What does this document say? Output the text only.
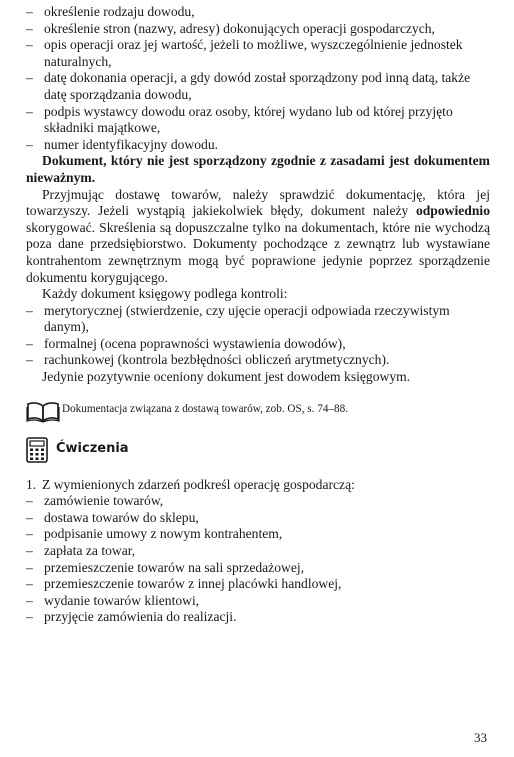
– określenie rodzaju dowodu,
– określenie stron (nazwy, adresy) dokonujących operacji gospodarczych,
– opis operacji oraz jej wartość, jeżeli to możliwe, wyszczególnienie jednostek naturalnych,
– datę dokonania operacji, a gdy dowód został sporządzony pod inną datą, także datę sporządzania dowodu,
– podpis wystawcy dowodu oraz osoby, której wydano lub od której przyjęto składniki majątkowe,
– numer identyfikacyjny dowodu.
Dokument, który nie jest sporządzony zgodnie z zasadami jest dokumentem nieważnym.
Przyjmując dostawę towarów, należy sprawdzić dokumentację, która jej towarzyszy. Jeżeli wystąpią jakiekolwiek błędy, dokument należy odpowiednio skorygować. Skreślenia są dopuszczalne tylko na dokumentach, które nie wychodzą poza dane przedsiębiorstwo. Dokumenty pochodzące z zewnątrz lub wystawiane kontrahentom zewnętrznym mogą być poprawione jedynie poprzez sporządzenie dokumentu korygującego.
Każdy dokument księgowy podlega kontroli:
– merytorycznej (stwierdzenie, czy ujęcie operacji odpowiada rzeczywistym danym),
– formalnej (ocena poprawności wystawienia dowodów),
– rachunkowej (kontrola bezbłędności obliczeń arytmetycznych).
Jedynie pozytywnie oceniony dokument jest dowodem księgowym.
Dokumentacja związana z dostawą towarów, zob. OS, s. 74–88.
Ćwiczenia
1. Z wymienionych zdarzeń podkreśl operację gospodarczą:
– zamówienie towarów,
– dostawa towarów do sklepu,
– podpisanie umowy z nowym kontrahentem,
– zapłata za towar,
– przemieszczenie towarów na sali sprzedażowej,
– przemieszczenie towarów z innej placówki handlowej,
– wydanie towarów klientowi,
– przyjęcie zamówienia do realizacji.
33
